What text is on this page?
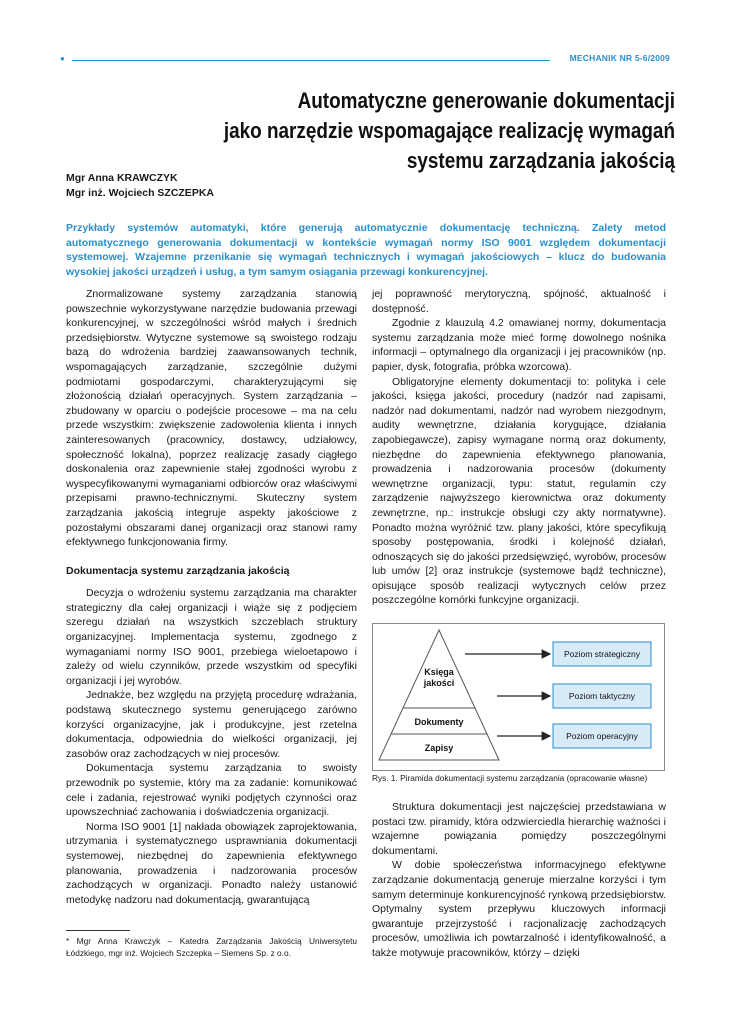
●	MECHANIK NR 5-6/2009
Automatyczne generowanie dokumentacji
jako narzędzie wspomagające realizację wymagań
systemu zarządzania jakością
Mgr Anna KRAWCZYK
Mgr inż. Wojciech SZCZEPKA
Przykłady systemów automatyki, które generują automatycznie dokumentację techniczną. Zalety metod automatycznego generowania dokumentacji w kontekście wymagań normy ISO 9001 względem dokumentacji systemowej. Wzajemne przenikanie się wymagań technicznych i wymagań jakościowych – klucz do budowania wysokiej jakości urządzeń i usług, a tym samym osiągania przewagi konkurencyjnej.

Znormalizowane systemy zarządzania stanowią powszechnie wykorzystywane narzędzie budowania przewagi konkurencyjnej, w szczególności wśród małych i średnich przedsiębiorstw. Wytyczne systemowe są swoistego rodzaju bazą do wdrożenia bardziej zaawansowanych technik, wspomagających zarządzanie, szczególnie dużymi podmiotami gospodarczymi, charakteryzującymi się złożonością działań operacyjnych. System zarządzania – zbudowany w oparciu o podejście procesowe – ma na celu przede wszystkim: zwiększenie zadowolenia klienta i innych zainteresowanych (pracownicy, dostawcy, udziałowcy, społeczność lokalna), poprzez realizację zasady ciągłego doskonalenia oraz zapewnienie stałej zgodności wyrobu z wyspecyfikowanymi wymaganiami odbiorców oraz właściwymi przepisami prawno-technicznymi. Skuteczny system zarządzania jakością integruje aspekty jakościowe z pozostałymi obszarami danej organizacji oraz stanowi ramy efektywnego funkcjonowania firmy.

Dokumentacja systemu zarządzania jakością

Decyzja o wdrożeniu systemu zarządzania ma charakter strategiczny dla całej organizacji i wiąże się z podjęciem szeregu działań na wszystkich szczeblach struktury organizacyjnej. Implementacja systemu, zgodnego z wymaganiami normy ISO 9001, przebiega wieloetapowo i zależy od wielu czynników, przede wszystkim od specyfiki organizacji i jej wyrobów.

Jednakże, bez względu na przyjętą procedurę wdrażania, podstawą skutecznego systemu generującego zarówno korzyści organizacyjne, jak i produkcyjne, jest rzetelna dokumentacja, odpowiednia do wielkości organizacji, jej zasobów oraz zachodzących w niej procesów.

Dokumentacja systemu zarządzania to swoisty przewodnik po systemie, który ma za zadanie: komunikować cele i zadania, rejestrować wyniki podjętych czynności oraz upowszechniać zachowania i doświadczenia organizacji.

Norma ISO 9001 [1] nakłada obowiązek zaprojektowania, utrzymania i systematycznego usprawniania dokumentacji systemowej, niezbędnej do zapewnienia efektywnego planowania, prowadzenia i nadzorowania procesów zachodzących w organizacji. Ponadto należy ustanowić metodykę nadzoru nad dokumentacją, gwarantującą

* Mgr Anna Krawczyk – Katedra Zarządzania Jakością Uniwersytetu Łódzkiego, mgr inż. Wojciech Szczepka – Siemens Sp. z o.o.

jej poprawność merytoryczną, spójność, aktualność i dostępność.

Zgodnie z klauzulą 4.2 omawianej normy, dokumentacja systemu zarządzania może mieć formę dowolnego nośnika informacji – optymalnego dla organizacji i jej pracowników (np. papier, dysk, fotografia, próbka wzorcowa).

Obligatoryjne elementy dokumentacji to: polityka i cele jakości, księga jakości, procedury (nadzór nad zapisami, nadzór nad dokumentami, nadzór nad wyrobem niezgodnym, audity wewnętrzne, działania korygujące, działania zapobiegawcze), zapisy wymagane normą oraz dokumenty, niezbędne do zapewnienia efektywnego planowania, prowadzenia i nadzorowania procesów (dokumenty wewnętrzne organizacji, typu: statut, regulamin czy zarządzenie najwyższego kierownictwa oraz dokumenty zewnętrzne, np.: instrukcje obsługi czy akty normatywne). Ponadto można wyróżnić tzw. plany jakości, które specyfikują sposoby postępowania, środki i kolejność działań, odnoszących się do jakości przedsięwzięć, wyrobów, procesów lub umów [2] oraz instrukcje (systemowe bądź techniczne), opisujące sposób realizacji wytycznych celów przez poszczególne komórki funkcyjne organizacji.

Księga
jakości
Dokumenty
Zapisy
Poziom strategiczny
Poziom taktyczny
Poziom operacyjny
Rys. 1. Piramida dokumentacji systemu zarządzania (opracowanie własne)

Struktura dokumentacji jest najczęściej przedstawiana w postaci tzw. piramidy, która odzwierciedla hierarchię ważności i wzajemne powiązania pomiędzy poszczególnymi dokumentami.

W dobie społeczeństwa informacyjnego efektywne zarządzanie dokumentacją generuje mierzalne korzyści i tym samym determinuje konkurencyjność rynkową przedsiębiorstw. Optymalny system przepływu kluczowych informacji gwarantuje przejrzystość i racjonalizację zachodzących procesów, umożliwia ich powtarzalność i identyfikowalność, a także motywuje pracowników, którzy – dzięki
